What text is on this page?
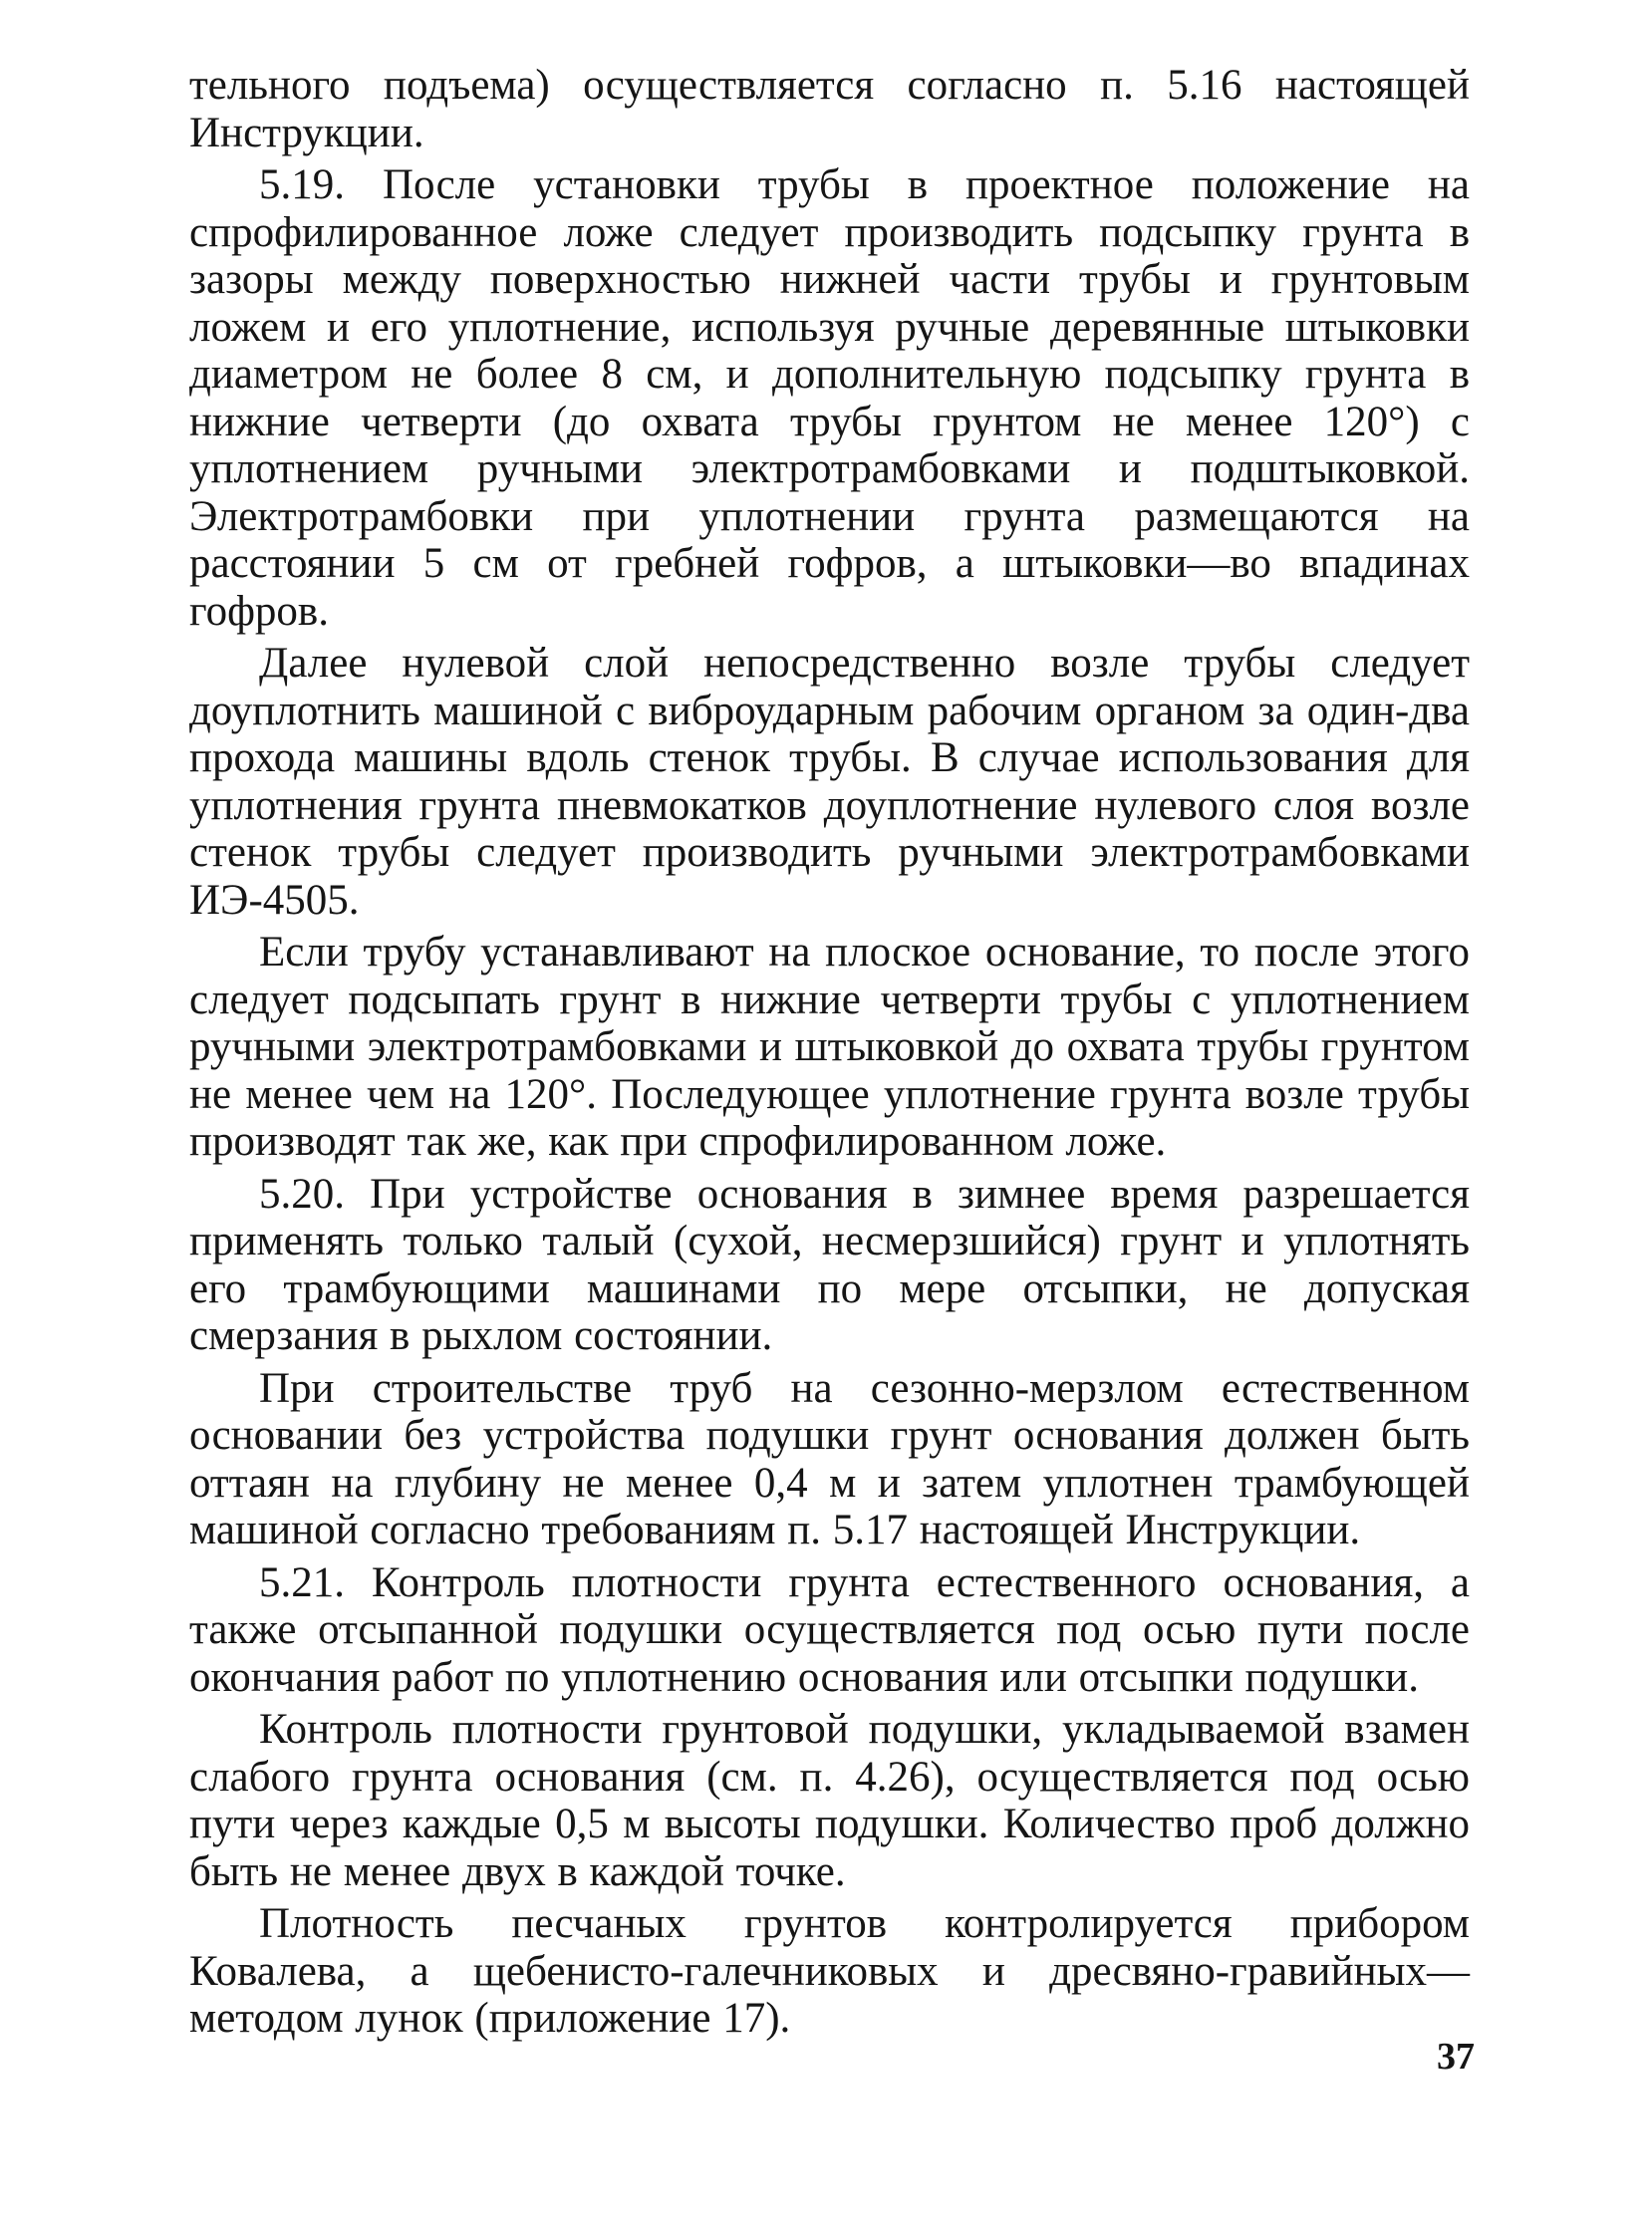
тельного подъема) осуществляется согласно п. 5.16 настоящей Инструкции.

5.19. После установки трубы в проектное положение на спрофилированное ложе следует производить подсыпку грунта в зазоры между поверхностью нижней части трубы и грунтовым ложем и его уплотнение, используя ручные деревянные штыковки диаметром не более 8 см, и дополнительную подсыпку грунта в нижние четверти (до охвата трубы грунтом не менее 120°) с уплотнением ручными электротрамбовками и подштыковкой. Электротрамбовки при уплотнении грунта размещаются на расстоянии 5 см от гребней гофров, а штыковки—во впадинах гофров.

Далее нулевой слой непосредственно возле трубы следует доуплотнить машиной с виброударным рабочим органом за один-два прохода машины вдоль стенок трубы. В случае использования для уплотнения грунта пневмокатков доуплотнение нулевого слоя возле стенок трубы следует производить ручными электротрамбовками ИЭ-4505.

Если трубу устанавливают на плоское основание, то после этого следует подсыпать грунт в нижние четверти трубы с уплотнением ручными электротрамбовками и штыковкой до охвата трубы грунтом не менее чем на 120°. Последующее уплотнение грунта возле трубы производят так же, как при спрофилированном ложе.

5.20. При устройстве основания в зимнее время разрешается применять только талый (сухой, несмерзшийся) грунт и уплотнять его трамбующими машинами по мере отсыпки, не допуская смерзания в рыхлом состоянии.

При строительстве труб на сезонно-мерзлом естественном основании без устройства подушки грунт основания должен быть оттаян на глубину не менее 0,4 м и затем уплотнен трамбующей машиной согласно требованиям п. 5.17 настоящей Инструкции.

5.21. Контроль плотности грунта естественного основания, а также отсыпанной подушки осуществляется под осью пути после окончания работ по уплотнению основания или отсыпки подушки.

Контроль плотности грунтовой подушки, укладываемой взамен слабого грунта основания (см. п. 4.26), осуществляется под осью пути через каждые 0,5 м высоты подушки. Количество проб должно быть не менее двух в каждой точке.

Плотность песчаных грунтов контролируется прибором Ковалева, а щебенисто-галечниковых и дресвяно-гравийных—методом лунок (приложение 17).

37
